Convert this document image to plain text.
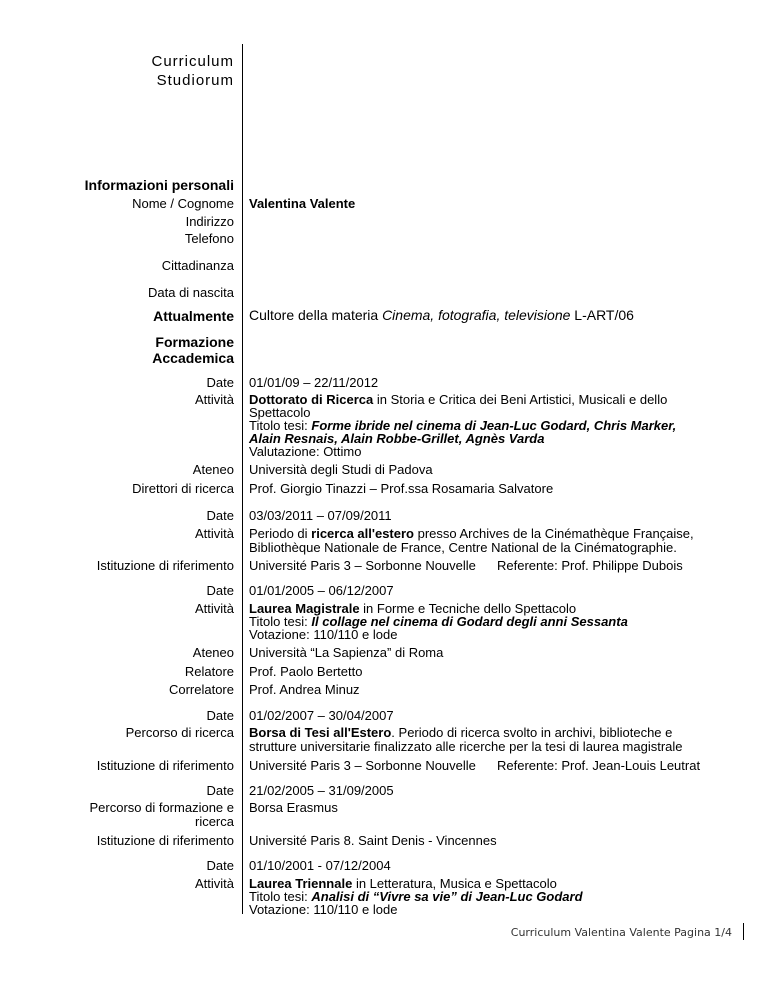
Curriculum
Studiorum
Informazioni personali
Nome / Cognome Valentina Valente
Indirizzo
Telefono
Cittadinanza
Data di nascita
Attualmente Cultore della materia Cinema, fotografia, televisione L-ART/06
Formazione
Accademica
Date 01/01/09 – 22/11/2012
Attività Dottorato di Ricerca in Storia e Critica dei Beni Artistici, Musicali e dello
Spettacolo
Titolo tesi: Forme ibride nel cinema di Jean-Luc Godard, Chris Marker,
Alain Resnais, Alain Robbe-Grillet, Agnès Varda
Valutazione: Ottimo
Ateneo Università degli Studi di Padova
Direttori di ricerca Prof. Giorgio Tinazzi – Prof.ssa Rosamaria Salvatore
Date 03/03/2011 – 07/09/2011
Attività Periodo di ricerca all'estero presso Archives de la Cinémathèque Française,
Bibliothèque Nationale de France, Centre National de la Cinématographie.
Istituzione di riferimento Université Paris 3 – Sorbonne Nouvelle Referente: Prof. Philippe Dubois
Date 01/01/2005 – 06/12/2007
Attività Laurea Magistrale in Forme e Tecniche dello Spettacolo
Titolo tesi: Il collage nel cinema di Godard degli anni Sessanta
Votazione: 110/110 e lode
Ateneo Università “La Sapienza” di Roma
Relatore Prof. Paolo Bertetto
Correlatore Prof. Andrea Minuz
Date 01/02/2007 – 30/04/2007
Percorso di ricerca Borsa di Tesi all'Estero. Periodo di ricerca svolto in archivi, biblioteche e
strutture universitarie finalizzato alle ricerche per la tesi di laurea magistrale
Istituzione di riferimento Université Paris 3 – Sorbonne Nouvelle Referente: Prof. Jean-Louis Leutrat
Date 21/02/2005 – 31/09/2005
Percorso di formazione e
ricerca
Borsa Erasmus
Istituzione di riferimento Université Paris 8. Saint Denis - Vincennes
Date 01/10/2001 - 07/12/2004
Attività Laurea Triennale in Letteratura, Musica e Spettacolo
Titolo tesi: Analisi di “Vivre sa vie” di Jean-Luc Godard
Votazione: 110/110 e lode
Curriculum Valentina Valente Pagina 1/4
